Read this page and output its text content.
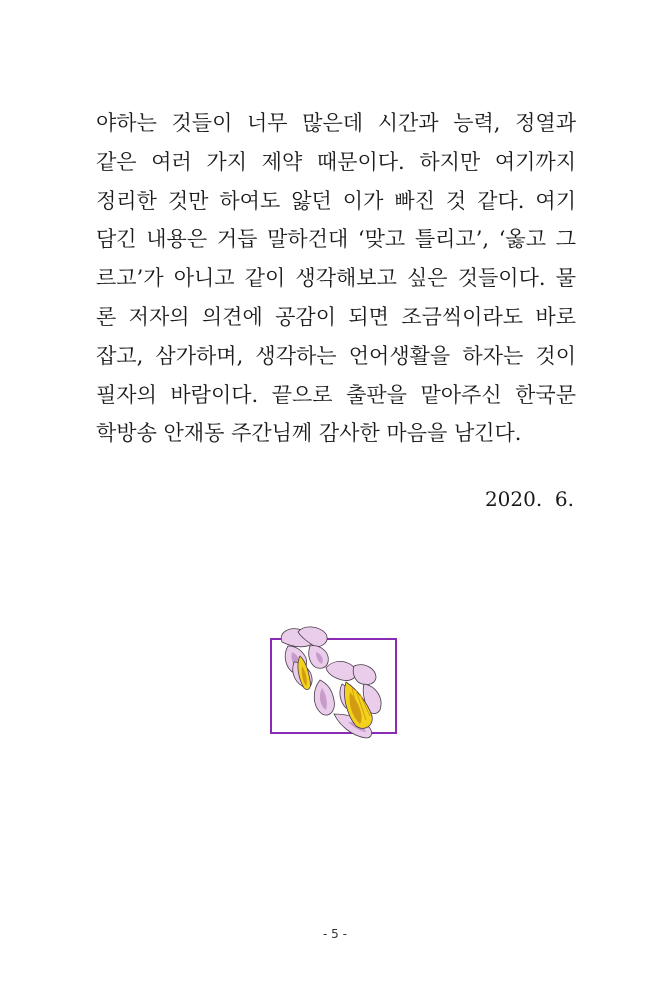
야하는 것들이 너무 많은데 시간과 능력, 정열과
같은 여러 가지 제약 때문이다. 하지만 여기까지
정리한 것만 하여도 앓던 이가 빠진 것 같다. 여기
담긴 내용은 거듭 말하건대 ‘맞고 틀리고’, ‘옳고 그
르고’가 아니고 같이 생각해보고 싶은 것들이다. 물
론 저자의 의견에 공감이 되면 조금씩이라도 바로
잡고, 삼가하며, 생각하는 언어생활을 하자는 것이
필자의 바람이다. 끝으로 출판을 맡아주신 한국문
학방송 안재동 주간님께 감사한 마음을 남긴다.
2020.  6.
- 5 -
